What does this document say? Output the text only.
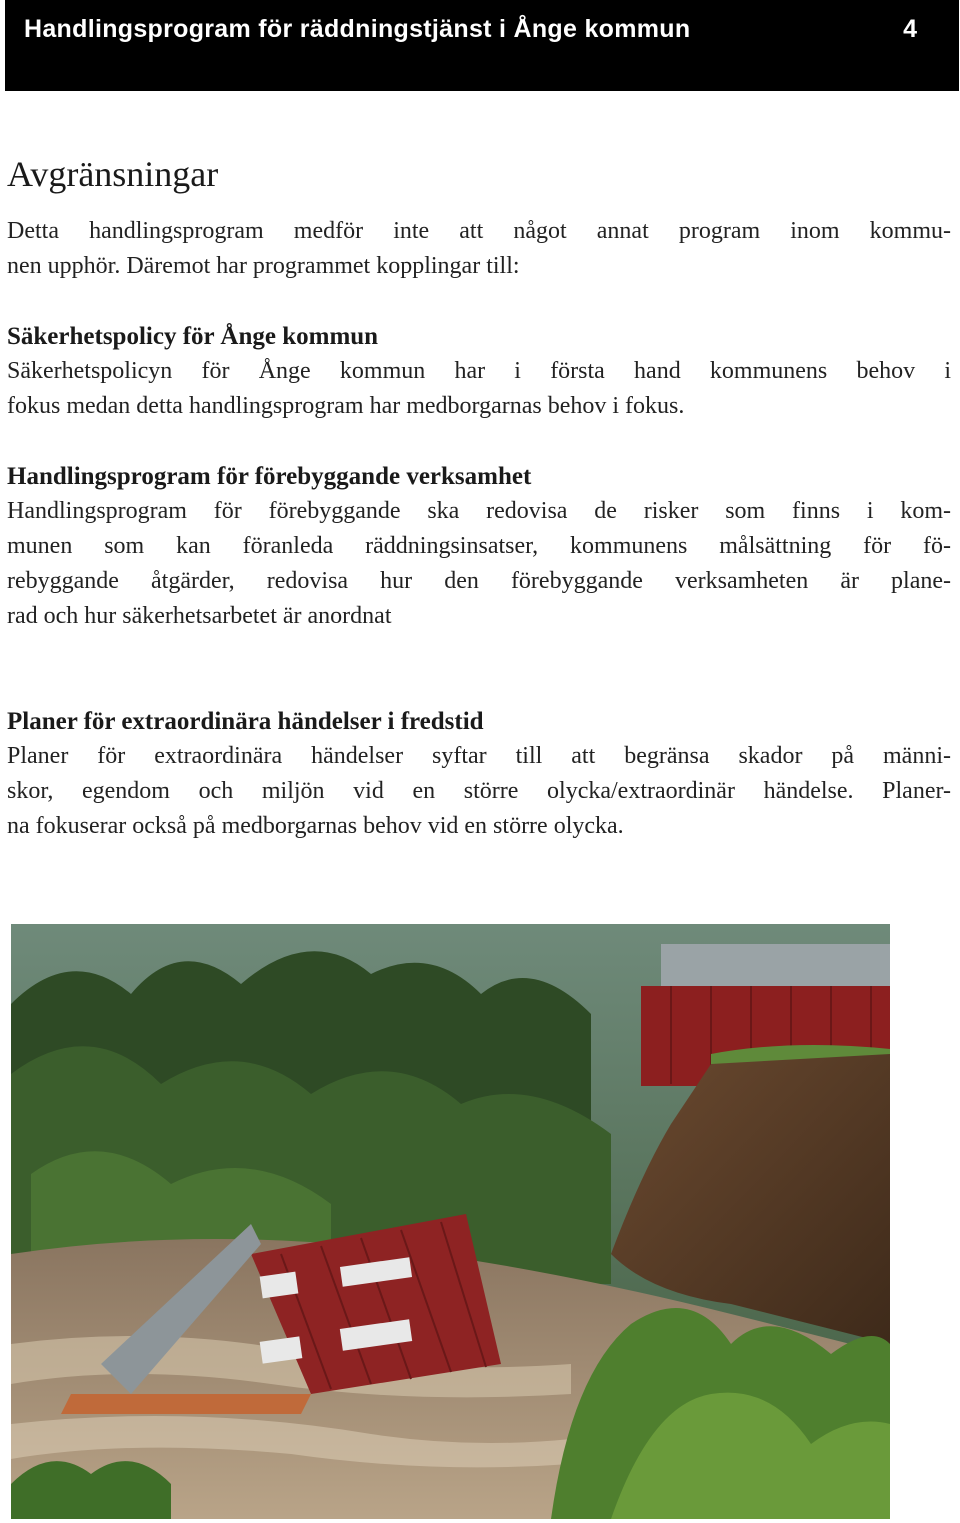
Handlingsprogram för räddningstjänst i Ånge kommun	4
Avgränsningar
Detta handlingsprogram medför inte att något annat program inom kommu-
nen upphör. Däremot har programmet kopplingar till:

Säkerhetspolicy för Ånge kommun

Säkerhetspolicyn för Ånge kommun har i första hand kommunens behov i
fokus medan detta handlingsprogram har medborgarnas behov i fokus.

Handlingsprogram för förebyggande verksamhet

Handlingsprogram för förebyggande ska redovisa de risker som finns i kom-
munen som kan föranleda räddningsinsatser, kommunens målsättning för fö-
rebyggande åtgärder, redovisa hur den förebyggande verksamheten är plane-
rad och hur säkerhetsarbetet är anordnat

Planer för extraordinära händelser i fredstid

Planer för extraordinära händelser syftar till att begränsa skador på männi-
skor, egendom och miljön vid en större olycka/extraordinär händelse. Planer-
na fokuserar också på medborgarnas behov vid en större olycka.
